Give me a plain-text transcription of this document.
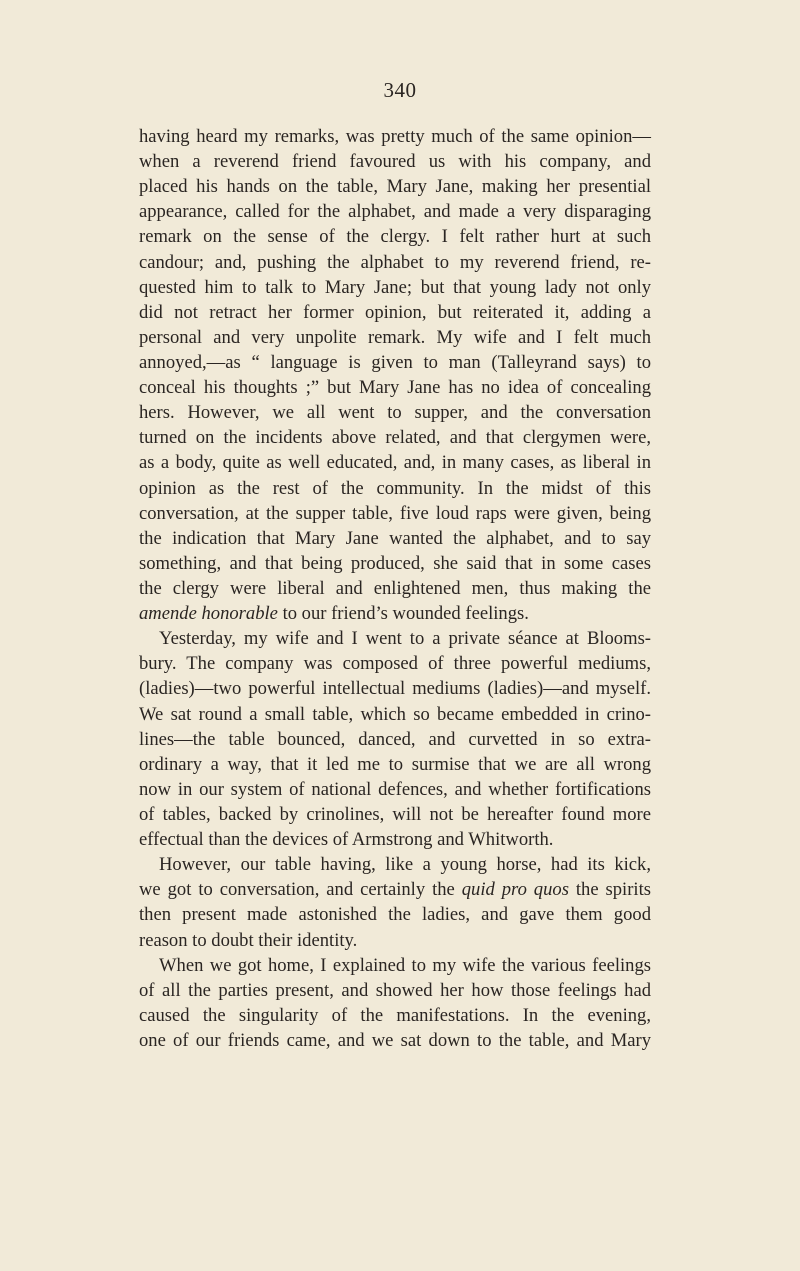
340
having heard my remarks, was pretty much of the same opinion—
when a reverend friend favoured us with his company, and
placed his hands on the table, Mary Jane, making her presential
appearance, called for the alphabet, and made a very disparaging
remark on the sense of the clergy. I felt rather hurt at such
candour; and, pushing the alphabet to my reverend friend, re-
quested him to talk to Mary Jane; but that young lady not only
did not retract her former opinion, but reiterated it, adding a
personal and very unpolite remark. My wife and I felt much
annoyed,—as “ language is given to man (Talleyrand says) to
conceal his thoughts ;” but Mary Jane has no idea of concealing
hers. However, we all went to supper, and the conversation
turned on the incidents above related, and that clergymen were,
as a body, quite as well educated, and, in many cases, as liberal in
opinion as the rest of the community. In the midst of this
conversation, at the supper table, five loud raps were given, being
the indication that Mary Jane wanted the alphabet, and to say
something, and that being produced, she said that in some cases
the clergy were liberal and enlightened men, thus making the
amende honorable to our friend’s wounded feelings.
Yesterday, my wife and I went to a private séance at Blooms-
bury. The company was composed of three powerful mediums,
(ladies)—two powerful intellectual mediums (ladies)—and myself.
We sat round a small table, which so became embedded in crino-
lines—the table bounced, danced, and curvetted in so extra-
ordinary a way, that it led me to surmise that we are all wrong
now in our system of national defences, and whether fortifications
of tables, backed by crinolines, will not be hereafter found more
effectual than the devices of Armstrong and Whitworth.
However, our table having, like a young horse, had its kick,
we got to conversation, and certainly the quid pro quos the spirits
then present made astonished the ladies, and gave them good
reason to doubt their identity.
When we got home, I explained to my wife the various feelings
of all the parties present, and showed her how those feelings had
caused the singularity of the manifestations. In the evening,
one of our friends came, and we sat down to the table, and Mary
